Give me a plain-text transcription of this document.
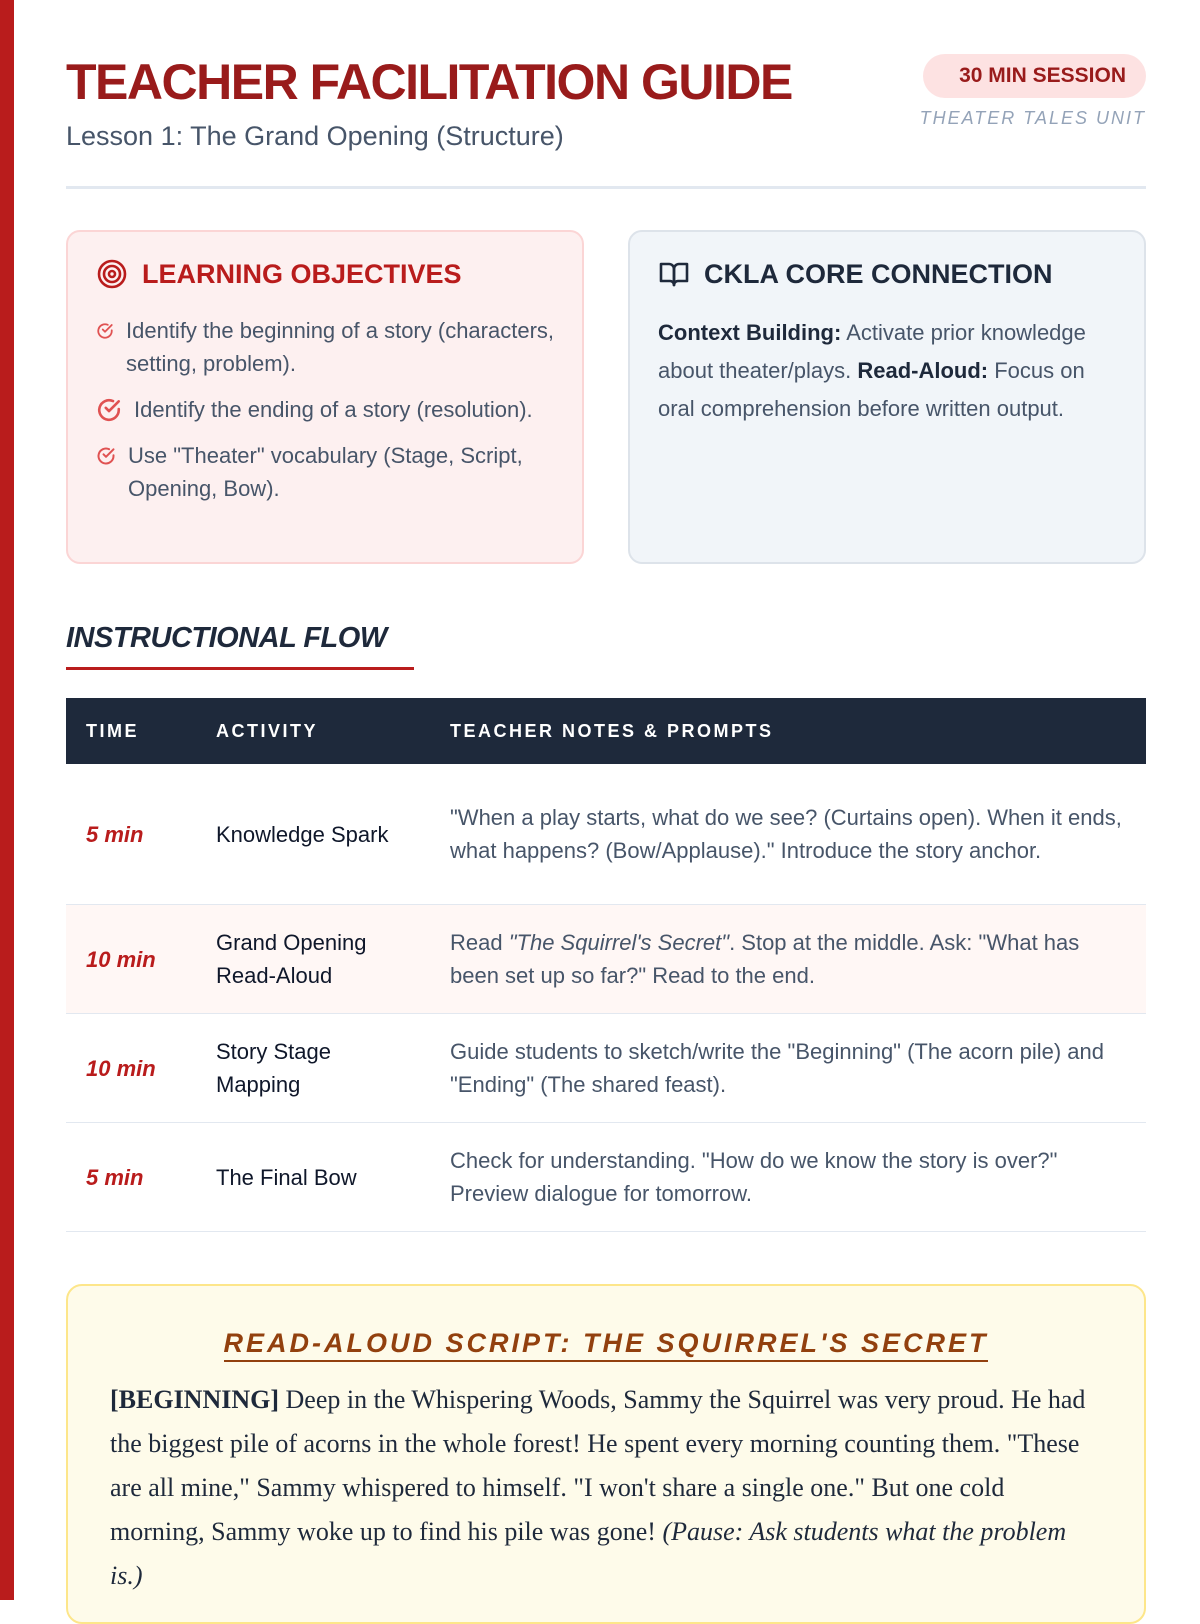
TEACHER FACILITATION GUIDE

Lesson 1: The Grand Opening (Structure)

30 MIN SESSION
THEATER TALES UNIT
LEARNING OBJECTIVES
Identify the beginning of a story (characters, setting, problem).
Identify the ending of a story (resolution).
Use "Theater" vocabulary (Stage, Script, Opening, Bow).
CKLA CORE CONNECTION

Context Building: Activate prior knowledge about theater/plays. Read-Aloud: Focus on oral comprehension before written output.

INSTRUCTIONAL FLOW
TIME	ACTIVITY	TEACHER NOTES & PROMPTS
5 min	Knowledge Spark	"When a play starts, what do we see? (Curtains open). When it ends, what happens? (Bow/Applause)." Introduce the story anchor.
10 min	Grand Opening Read-Aloud	Read "The Squirrel's Secret". Stop at the middle. Ask: "What has been set up so far?" Read to the end.
10 min	Story Stage Mapping	Guide students to sketch/write the "Beginning" (The acorn pile) and "Ending" (The shared feast).
5 min	The Final Bow	Check for understanding. "How do we know the story is over?" Preview dialogue for tomorrow.
READ-ALOUD SCRIPT: THE SQUIRREL'S SECRET

[BEGINNING] Deep in the Whispering Woods, Sammy the Squirrel was very proud. He had the biggest pile of acorns in the whole forest! He spent every morning counting them. "These are all mine," Sammy whispered to himself. "I won't share a single one." But one cold morning, Sammy woke up to find his pile was gone! (Pause: Ask students what the problem is.)
